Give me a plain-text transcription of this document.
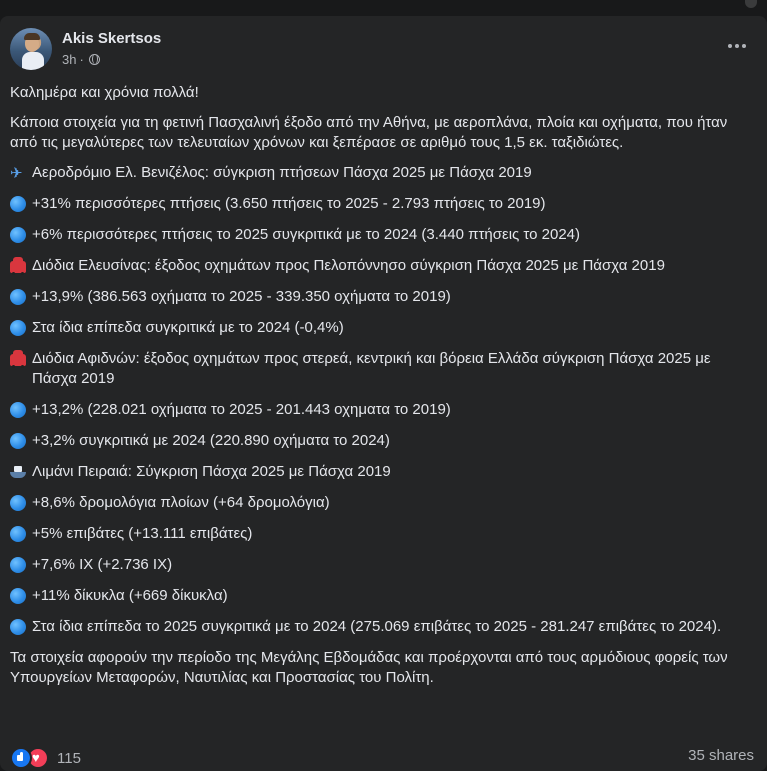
Akis Skertsos
3h ·

Καλημέρα και χρόνια πολλά!

Κάποια στοιχεία για τη φετινή Πασχαλινή έξοδο από την Αθήνα, με αεροπλάνα, πλοία και οχήματα, που ήταν από τις μεγαλύτερες των τελευταίων χρόνων και ξεπέρασε σε αριθμό τους 1,5 εκ. ταξιδιώτες.

✈ Αεροδρόμιο Ελ. Βενιζέλος: σύγκριση πτήσεων Πάσχα 2025 με Πάσχα 2019

+31% περισσότερες πτήσεις (3.650 πτήσεις το 2025 - 2.793 πτήσεις το 2019)

+6% περισσότερες πτήσεις το 2025 συγκριτικά με το 2024 (3.440 πτήσεις το 2024)

Διόδια Ελευσίνας: έξοδος οχημάτων προς Πελοπόννησο σύγκριση Πάσχα 2025 με Πάσχα 2019

+13,9% (386.563 οχήματα το 2025 - 339.350 οχήματα το 2019)

Στα ίδια επίπεδα συγκριτικά με το 2024 (-0,4%)

Διόδια Αφιδνών: έξοδος οχημάτων προς στερεά, κεντρική και βόρεια Ελλάδα σύγκριση Πάσχα 2025 με Πάσχα 2019

+13,2% (228.021 οχήματα το 2025 - 201.443 οχηματα το 2019)

+3,2% συγκριτικά με 2024 (220.890 οχήματα το 2024)

Λιμάνι Πειραιά: Σύγκριση Πάσχα 2025 με Πάσχα 2019

+8,6% δρομολόγια πλοίων (+64 δρομολόγια)

+5% επιβάτες (+13.111 επιβάτες)

+7,6% ΙΧ (+2.736 ΙΧ)

+11% δίκυκλα (+669 δίκυκλα)

Στα ίδια επίπεδα το 2025 συγκριτικά με το 2024 (275.069 επιβάτες το 2025 - 281.247 επιβάτες το 2024).

Τα στοιχεία αφορούν την περίοδο της Μεγάλης Εβδομάδας και προέρχονται από τους αρμόδιους φορείς των Υπουργείων Μεταφορών, Ναυτιλίας και Προστασίας του Πολίτη.

♥
115	35 shares
